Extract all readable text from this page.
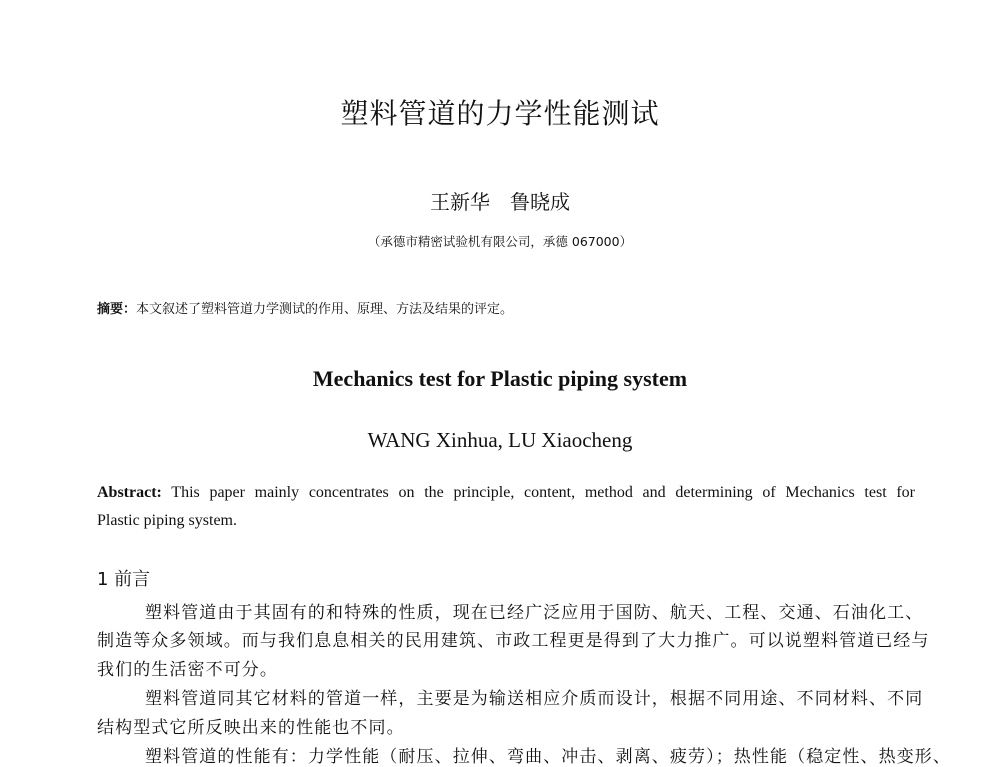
塑料管道的力学性能测试
王新华　鲁晓成
（承德市精密试验机有限公司，承德 067000）
摘要：本文叙述了塑料管道力学测试的作用、原理、方法及结果的评定。
Mechanics test for Plastic piping system
WANG Xinhua, LU Xiaocheng
Abstract: This paper mainly concentrates on the principle, content, method and determining of Mechanics test for
Plastic piping system.
1 前言
塑料管道由于其固有的和特殊的性质，现在已经广泛应用于国防、航天、工程、交通、石油化工、
制造等众多领域。而与我们息息相关的民用建筑、市政工程更是得到了大力推广。可以说塑料管道已经与
我们的生活密不可分。
塑料管道同其它材料的管道一样，主要是为输送相应介质而设计，根据不同用途、不同材料、不同
结构型式它所反映出来的性能也不同。
塑料管道的性能有：力学性能（耐压、拉伸、弯曲、冲击、剥离、疲劳）；热性能（稳定性、热变形、
